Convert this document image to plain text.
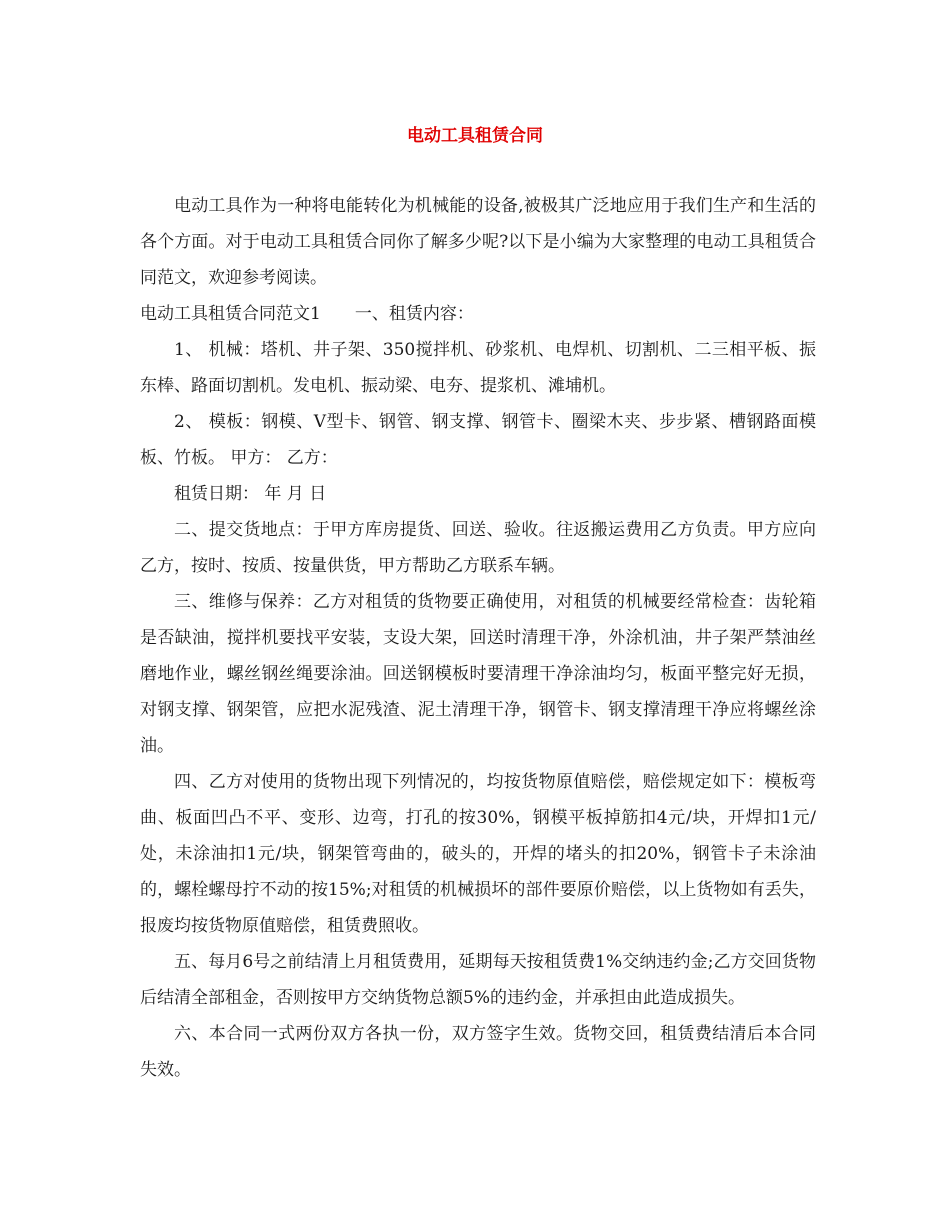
电动工具租赁合同

电动工具作为一种将电能转化为机械能的设备,被极其广泛地应用于我们生产和生活的各个方面。对于电动工具租赁合同你了解多少呢?以下是小编为大家整理的电动工具租赁合同范文，欢迎参考阅读。

电动工具租赁合同范文1 一、租赁内容：

1、 机械：塔机、井子架、350搅拌机、砂浆机、电焊机、切割机、二三相平板、振东棒、路面切割机。发电机、振动梁、电夯、提浆机、滩埔机。

2、 模板：钢模、V型卡、钢管、钢支撑、钢管卡、圈梁木夹、步步紧、槽钢路面模板、竹板。 甲方： 乙方：

租赁日期： 年 月 日

二、提交货地点：于甲方库房提货、回送、验收。往返搬运费用乙方负责。甲方应向乙方，按时、按质、按量供货，甲方帮助乙方联系车辆。

三、维修与保养：乙方对租赁的货物要正确使用，对租赁的机械要经常检查：齿轮箱是否缺油，搅拌机要找平安装，支设大架，回送时清理干净，外涂机油，井子架严禁油丝磨地作业，螺丝钢丝绳要涂油。回送钢模板时要清理干净涂油均匀，板面平整完好无损，对钢支撑、钢架管，应把水泥残渣、泥土清理干净，钢管卡、钢支撑清理干净应将螺丝涂油。

四、乙方对使用的货物出现下列情况的，均按货物原值赔偿，赔偿规定如下：模板弯曲、板面凹凸不平、变形、边弯，打孔的按30%，钢模平板掉筋扣4元/块，开焊扣1元/处，未涂油扣1元/块，钢架管弯曲的，破头的，开焊的堵头的扣20%，钢管卡子未涂油的，螺栓螺母拧不动的按15%;对租赁的机械损坏的部件要原价赔偿，以上货物如有丢失，报废均按货物原值赔偿，租赁费照收。

五、每月6号之前结清上月租赁费用，延期每天按租赁费1%交纳违约金;乙方交回货物后结清全部租金，否则按甲方交纳货物总额5%的违约金，并承担由此造成损失。

六、本合同一式两份双方各执一份，双方签字生效。货物交回，租赁费结清后本合同失效。
